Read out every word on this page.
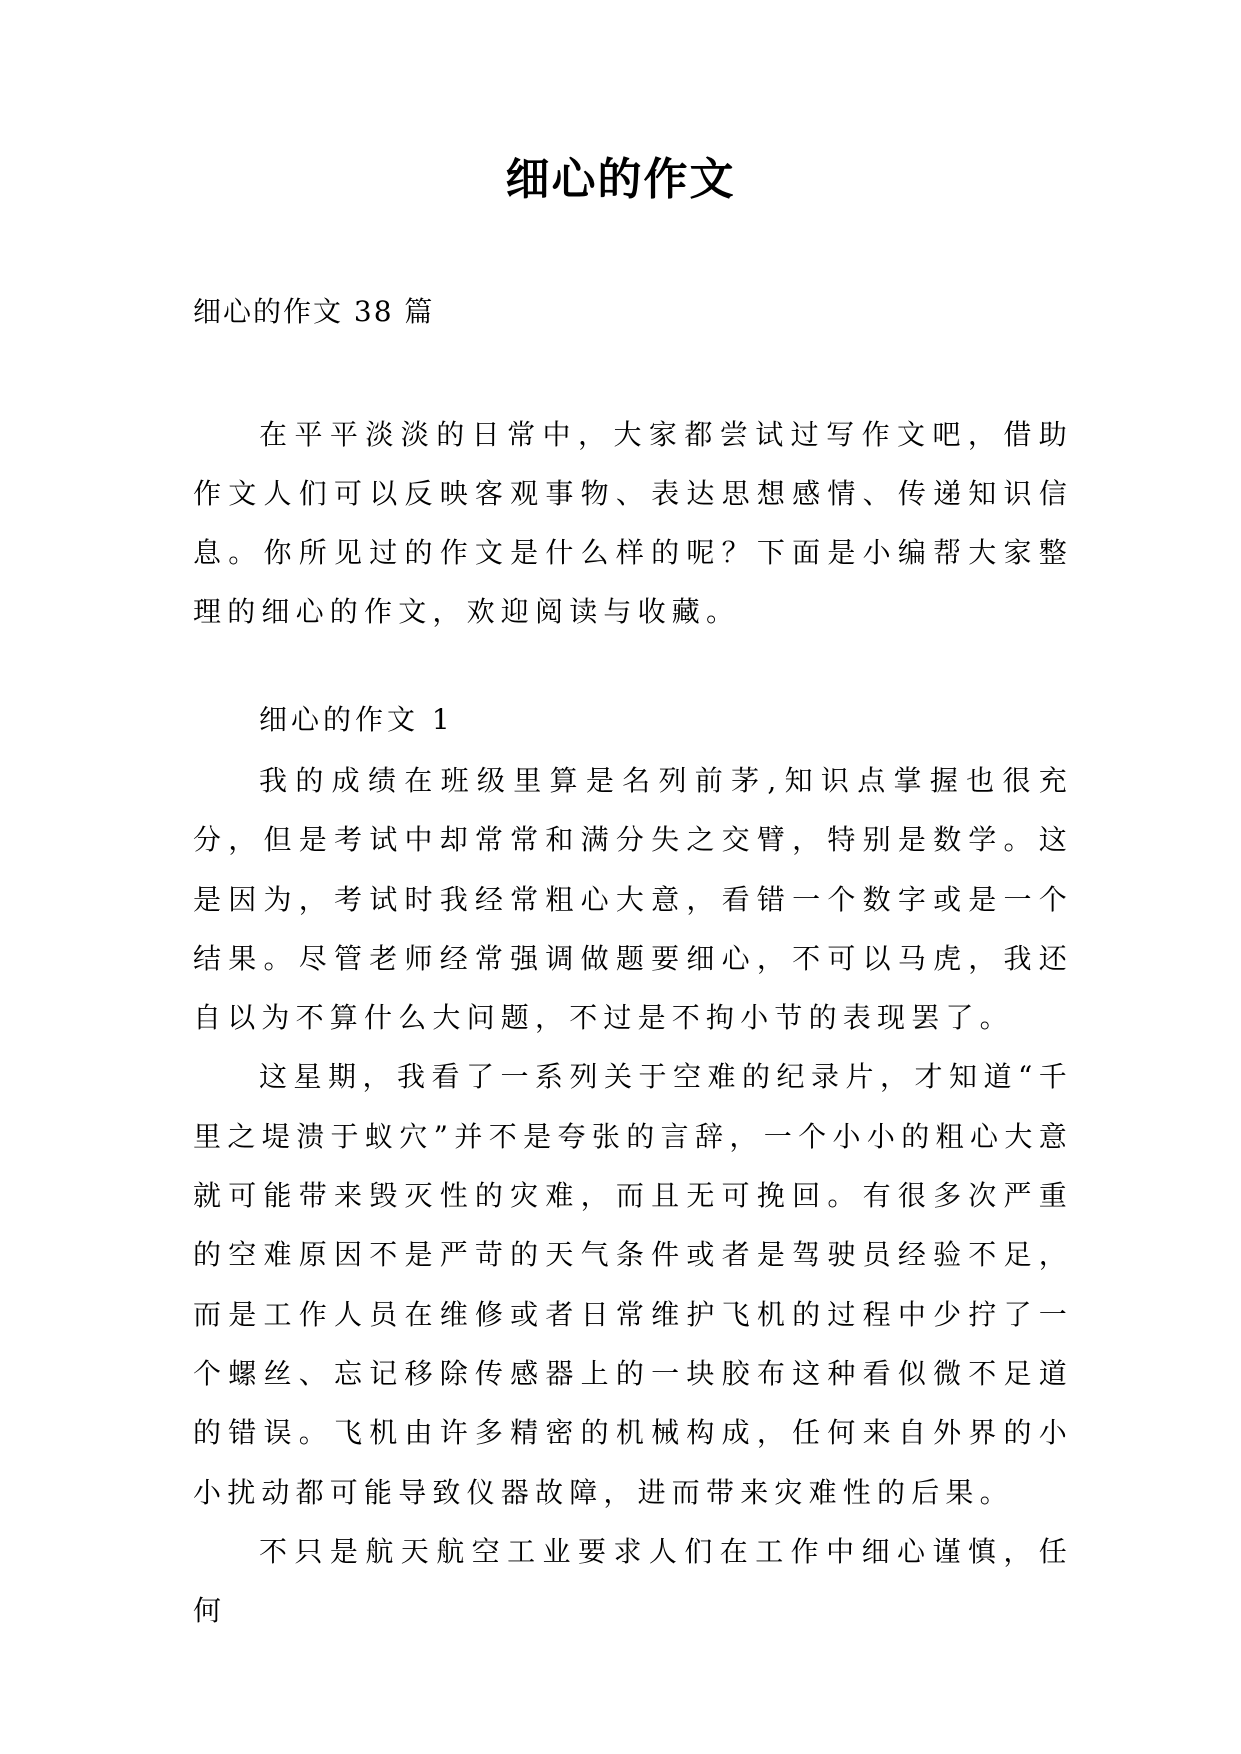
细心的作文
细心的作文 38 篇

在平平淡淡的日常中，大家都尝试过写作文吧，借助作文人们可以反映客观事物、表达思想感情、传递知识信息。你所见过的作文是什么样的呢？下面是小编帮大家整理的细心的作文，欢迎阅读与收藏。

细心的作文 1

我的成绩在班级里算是名列前茅,知识点掌握也很充分，但是考试中却常常和满分失之交臂，特别是数学。这是因为，考试时我经常粗心大意，看错一个数字或是一个结果。尽管老师经常强调做题要细心，不可以马虎，我还自以为不算什么大问题，不过是不拘小节的表现罢了。

这星期，我看了一系列关于空难的纪录片，才知道“千里之堤溃于蚁穴”并不是夸张的言辞，一个小小的粗心大意就可能带来毁灭性的灾难，而且无可挽回。有很多次严重的空难原因不是严苛的天气条件或者是驾驶员经验不足，而是工作人员在维修或者日常维护飞机的过程中少拧了一个螺丝、忘记移除传感器上的一块胶布这种看似微不足道的错误。飞机由许多精密的机械构成，任何来自外界的小小扰动都可能导致仪器故障，进而带来灾难性的后果。

不只是航天航空工业要求人们在工作中细心谨慎，任何
